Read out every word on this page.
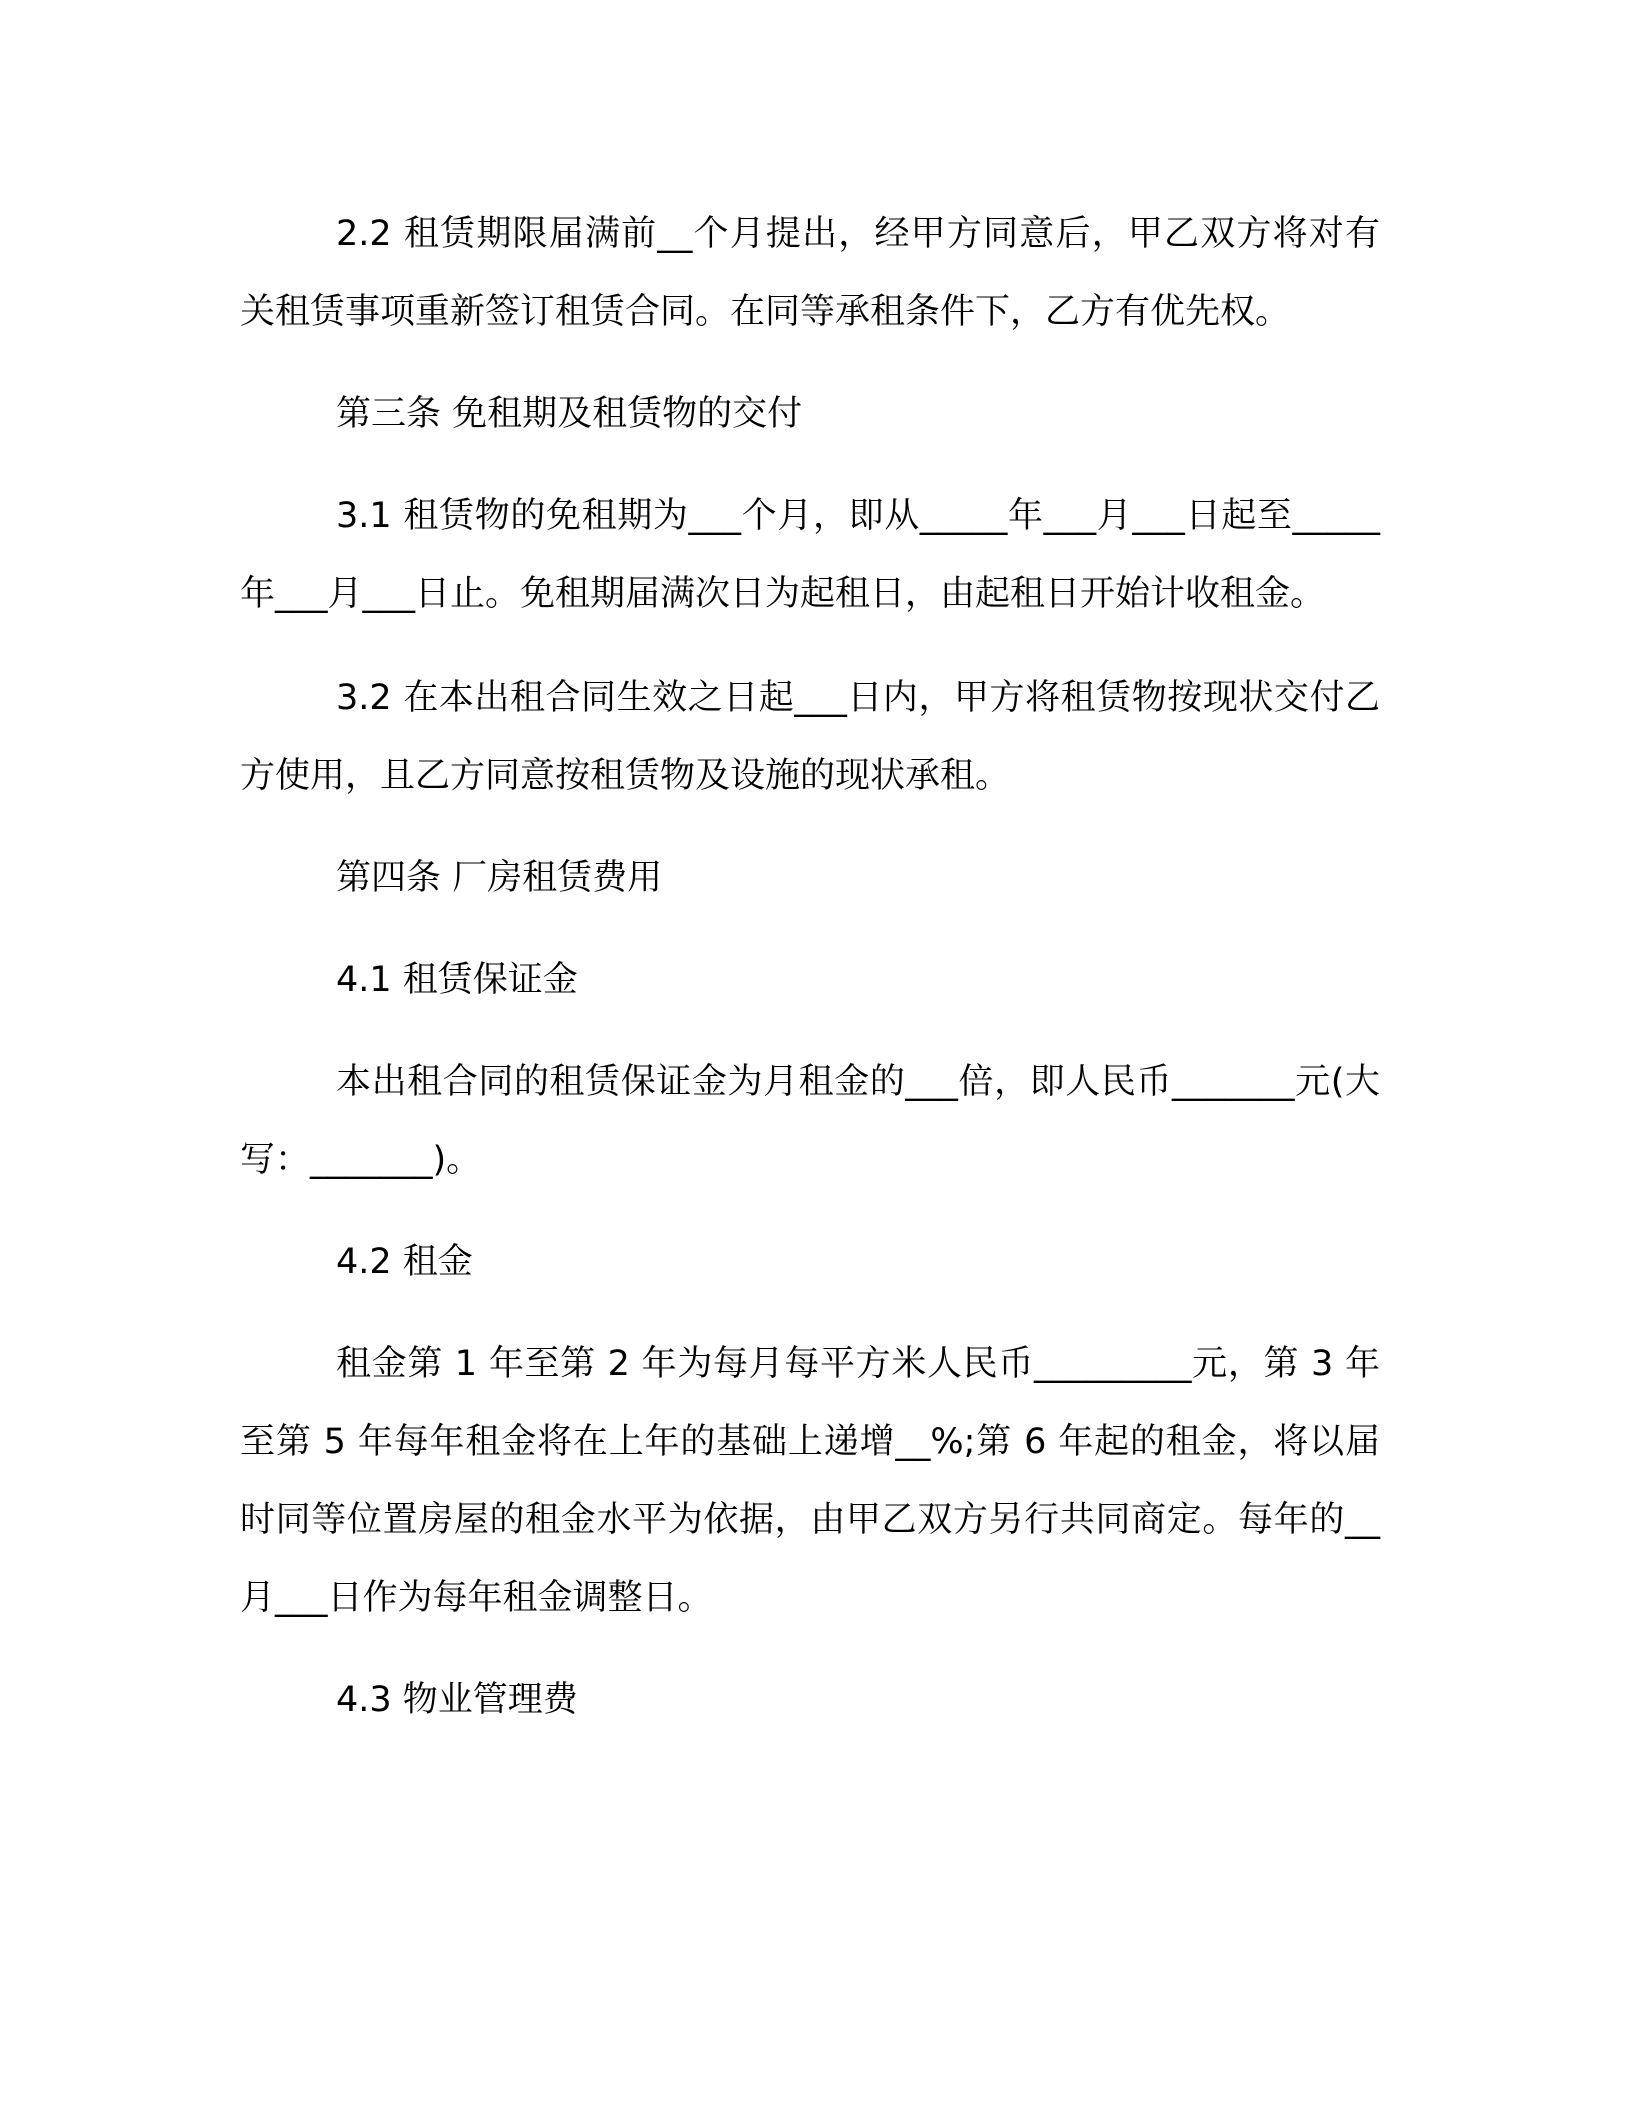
2.2 租赁期限届满前__个月提出，经甲方同意后，甲乙双方将对有关租赁事项重新签订租赁合同。在同等承租条件下，乙方有优先权。

第三条 免租期及租赁物的交付

3.1 租赁物的免租期为___个月，即从_____年___月___日起至_____年___月___日止。免租期届满次日为起租日，由起租日开始计收租金。

3.2 在本出租合同生效之日起___日内，甲方将租赁物按现状交付乙方使用，且乙方同意按租赁物及设施的现状承租。

第四条 厂房租赁费用

4.1 租赁保证金

本出租合同的租赁保证金为月租金的___倍，即人民币_______元(大写：_______)。

4.2 租金

租金第 1 年至第 2 年为每月每平方米人民币_________元，第 3 年至第 5 年每年租金将在上年的基础上递增__%;第 6 年起的租金，将以届时同等位置房屋的租金水平为依据，由甲乙双方另行共同商定。每年的__月___日作为每年租金调整日。

4.3 物业管理费
